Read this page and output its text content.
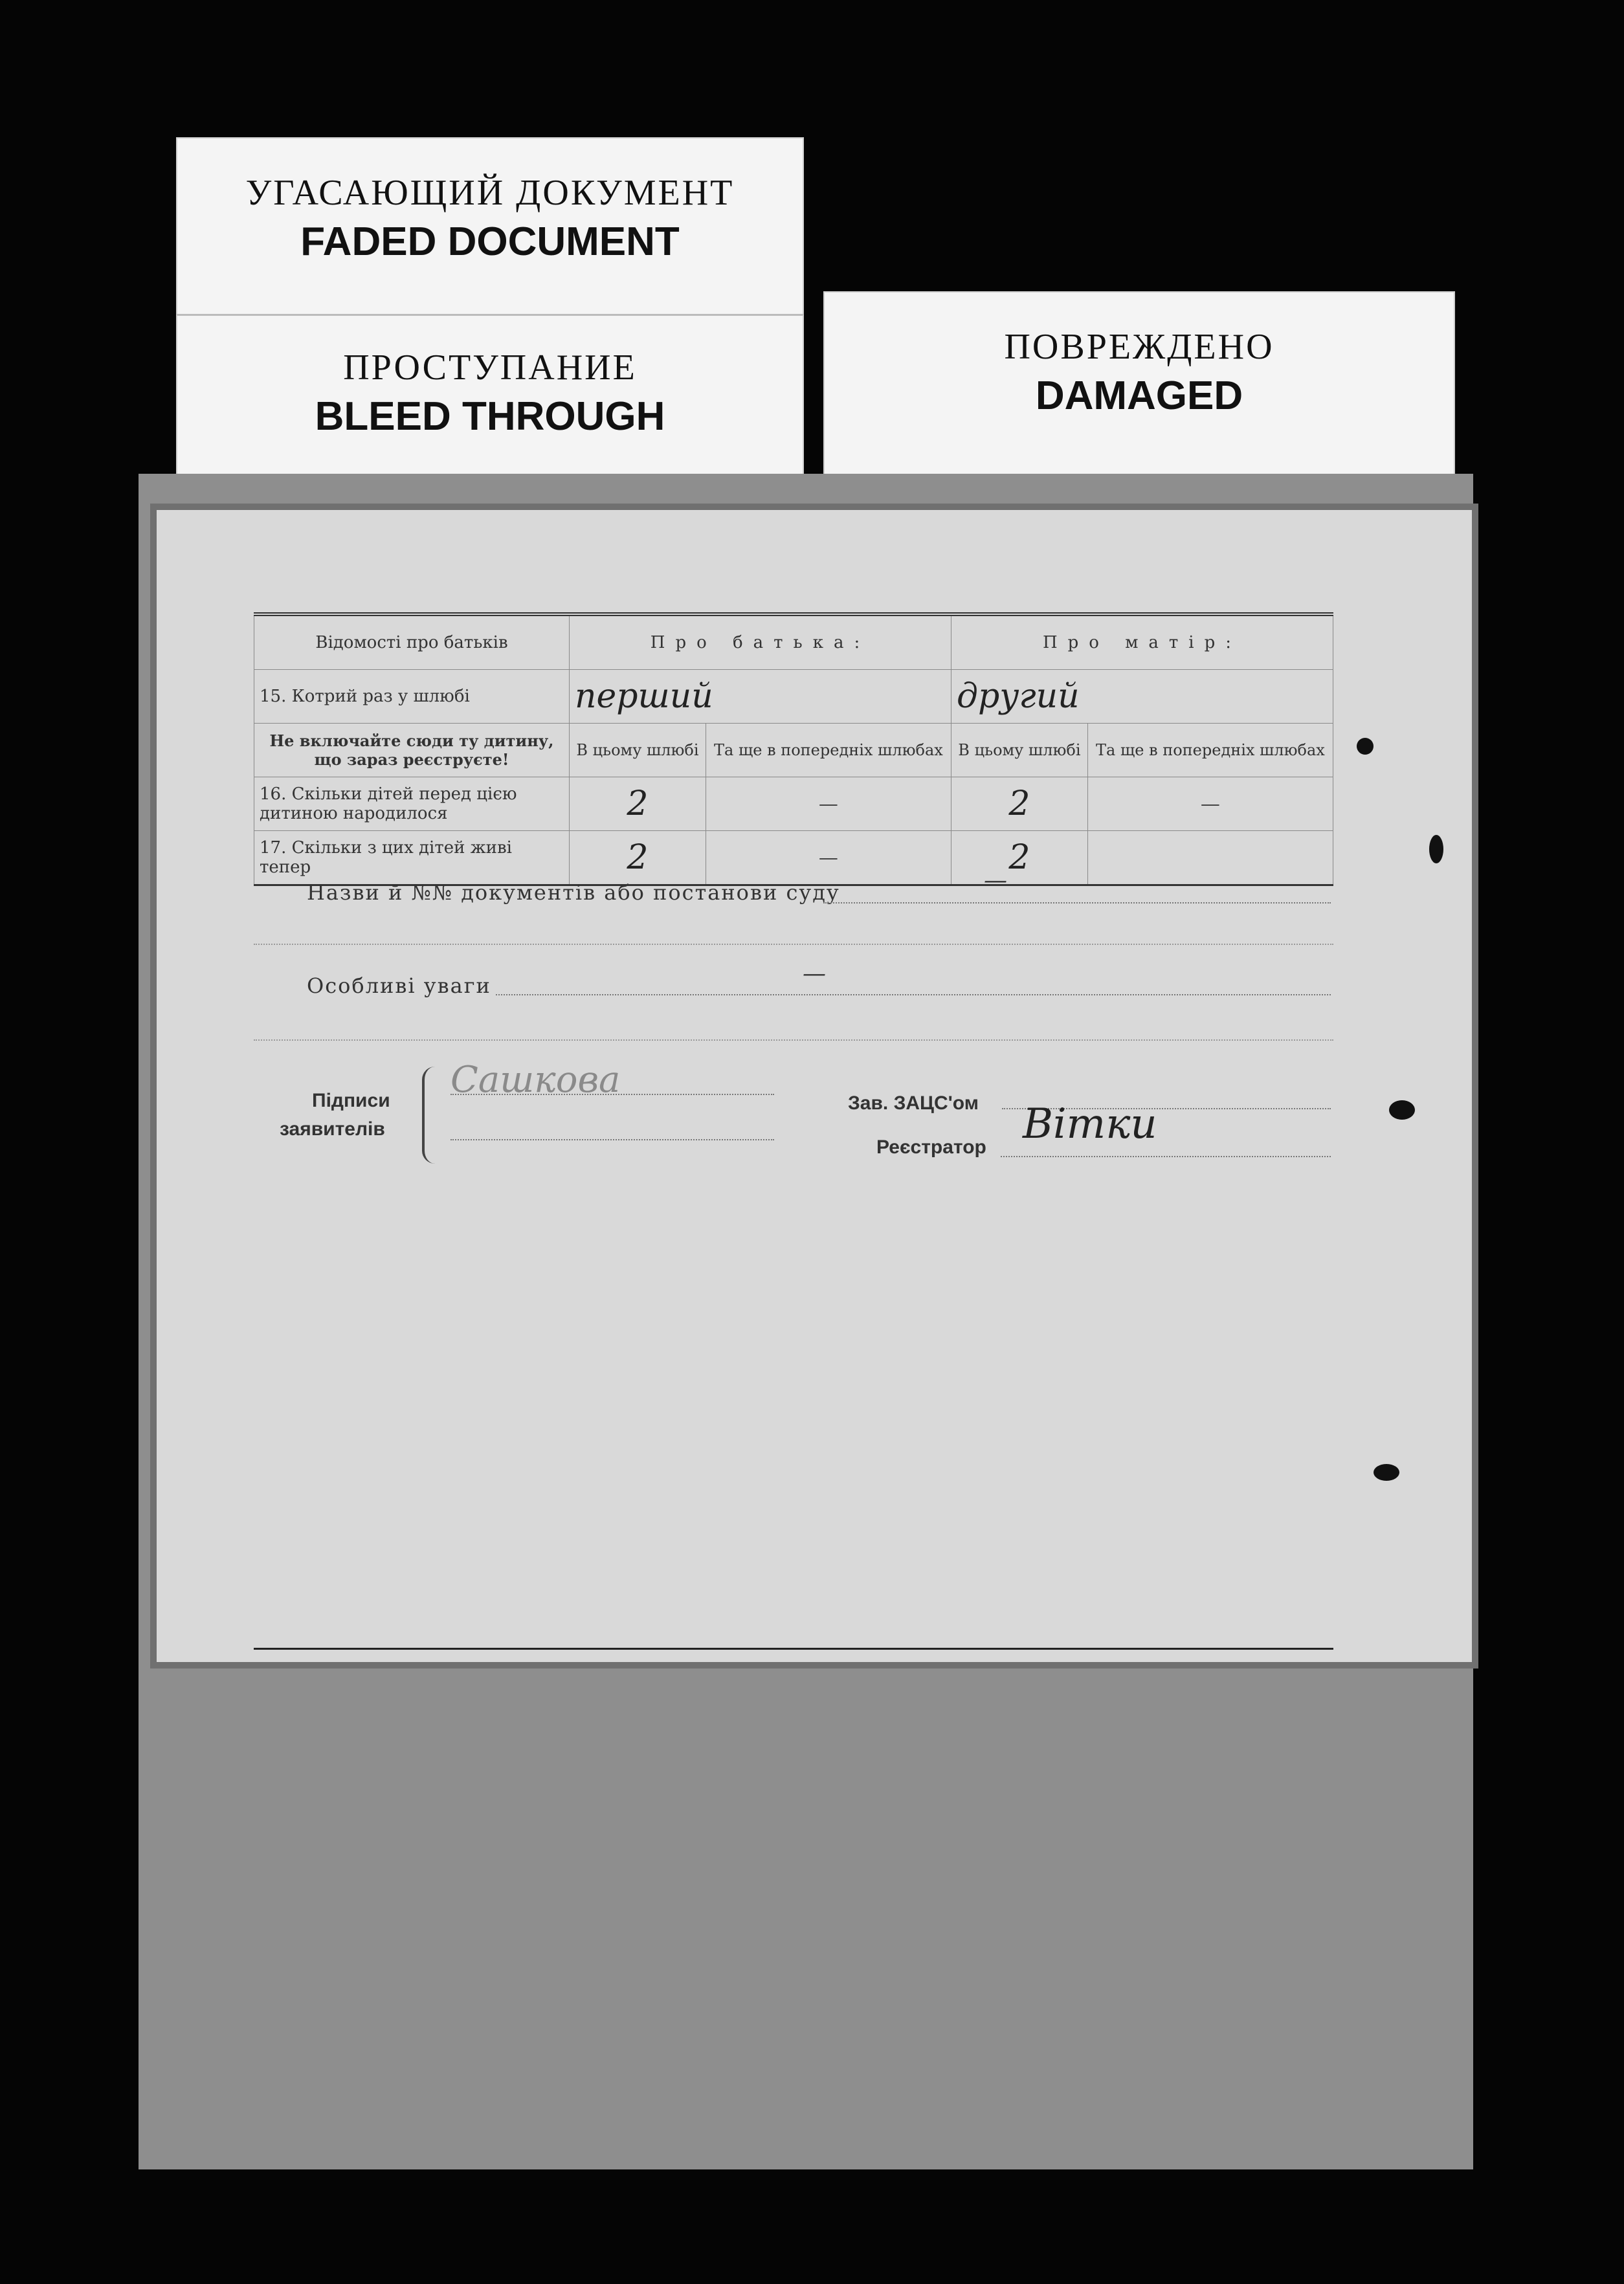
УГАСАЮЩИЙ ДОКУМЕНТ
FADED DOCUMENT
ПРОСТУПАНИЕ
BLEED THROUGH
ПОВРЕЖДЕНО
DAMAGED
Відомості про батьків	Про батька:		Про матір:	
15. Котрий раз у шлюбі	перший		другий	
Не включайте сюди ту дитину, що зараз реєструєте!	В цьому шлюбі	Та ще в попередніх шлюбах	В цьому шлюбі	Та ще в попередніх шлюбах
16. Скільки дітей перед цією дитиною народилося	2	—	2	—
17. Скільки з цих дітей живі тепер	2	—	2	
Назви й №№ документів або постанови суду	—
Особливі уваги	—
Підписи
заявителів
Сашковa
Зав. ЗАЦС'ом
Реєстратор Вітки
